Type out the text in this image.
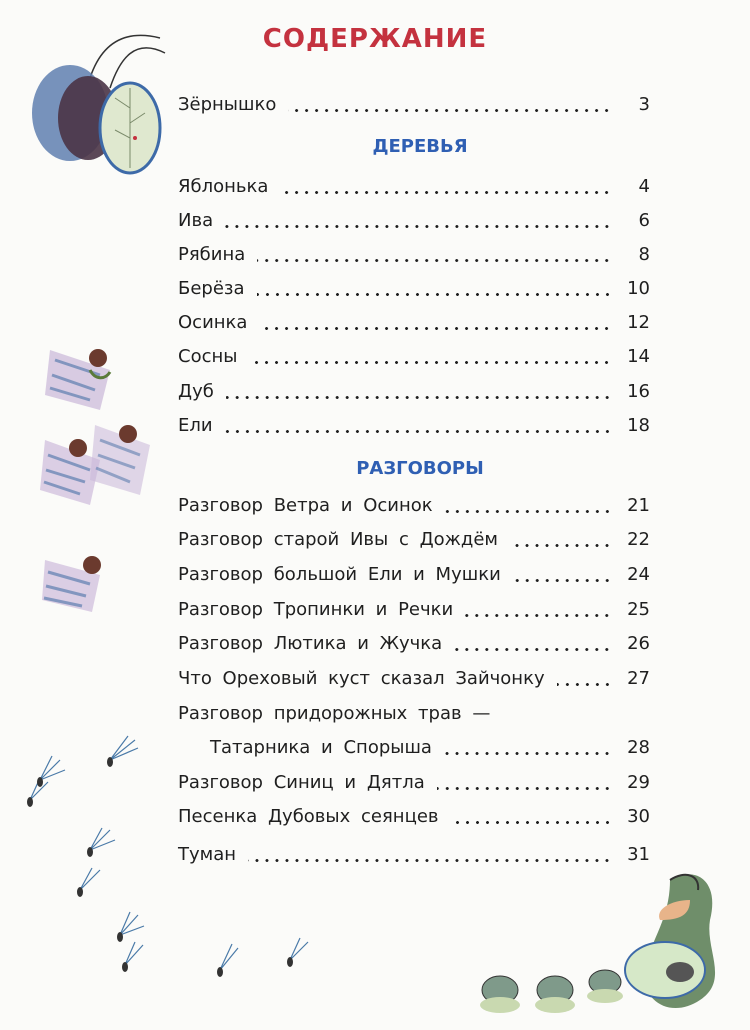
СОДЕРЖАНИЕ
Зёрнышко	3
ДЕРЕВЬЯ
Яблонька	4
Ива	6
Рябина	8
Берёза	10
Осинка	12
Сосны	14
Дуб	16
Ели	18
РАЗГОВОРЫ
Разговор Ветра и Осинок	21
Разговор старой Ивы с Дождём	22
Разговор большой Ели и Мушки	24
Разговор Тропинки и Речки	25
Разговор Лютика и Жучка	26
Что Ореховый куст сказал Зайчонку	27
Разговор придорожных трав —
Татарника и Спорыша	28
Разговор Синиц и Дятла	29
Песенка Дубовых сеянцев	30
Туман	31
